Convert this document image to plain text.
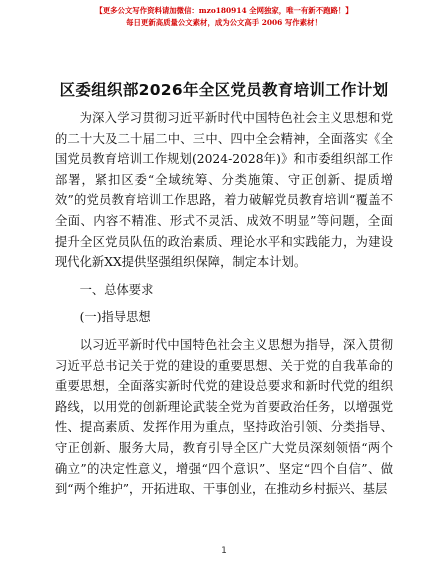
【更多公文写作资料请加微信：mzo180914 全网独家，唯一有新不跑路！】
每日更新高质量公文素材，成为公文高手 2006 写作素材！
区委组织部2026年全区党员教育培训工作计划

为深入学习贯彻习近平新时代中国特色社会主义思想和党的二十大及二十届二中、三中、四中全会精神，全面落实《全国党员教育培训工作规划(2024-2028年)》和市委组织部工作部署，紧扣区委“全域统筹、分类施策、守正创新、提质增效”的党员教育培训工作思路，着力破解党员教育培训“覆盖不全面、内容不精准、形式不灵活、成效不明显”等问题，全面提升全区党员队伍的政治素质、理论水平和实践能力，为建设现代化新XX提供坚强组织保障，制定本计划。

一、总体要求

(一)指导思想

以习近平新时代中国特色社会主义思想为指导，深入贯彻习近平总书记关于党的建设的重要思想、关于党的自我革命的重要思想，全面落实新时代党的建设总要求和新时代党的组织路线，以用党的创新理论武装全党为首要政治任务，以增强党性、提高素质、发挥作用为重点，坚持政治引领、分类指导、守正创新、服务大局，教育引导全区广大党员深刻领悟“两个确立”的决定性意义，增强“四个意识”、坚定“四个自信”、做到“两个维护”，开拓进取、干事创业，在推动乡村振兴、基层

1
